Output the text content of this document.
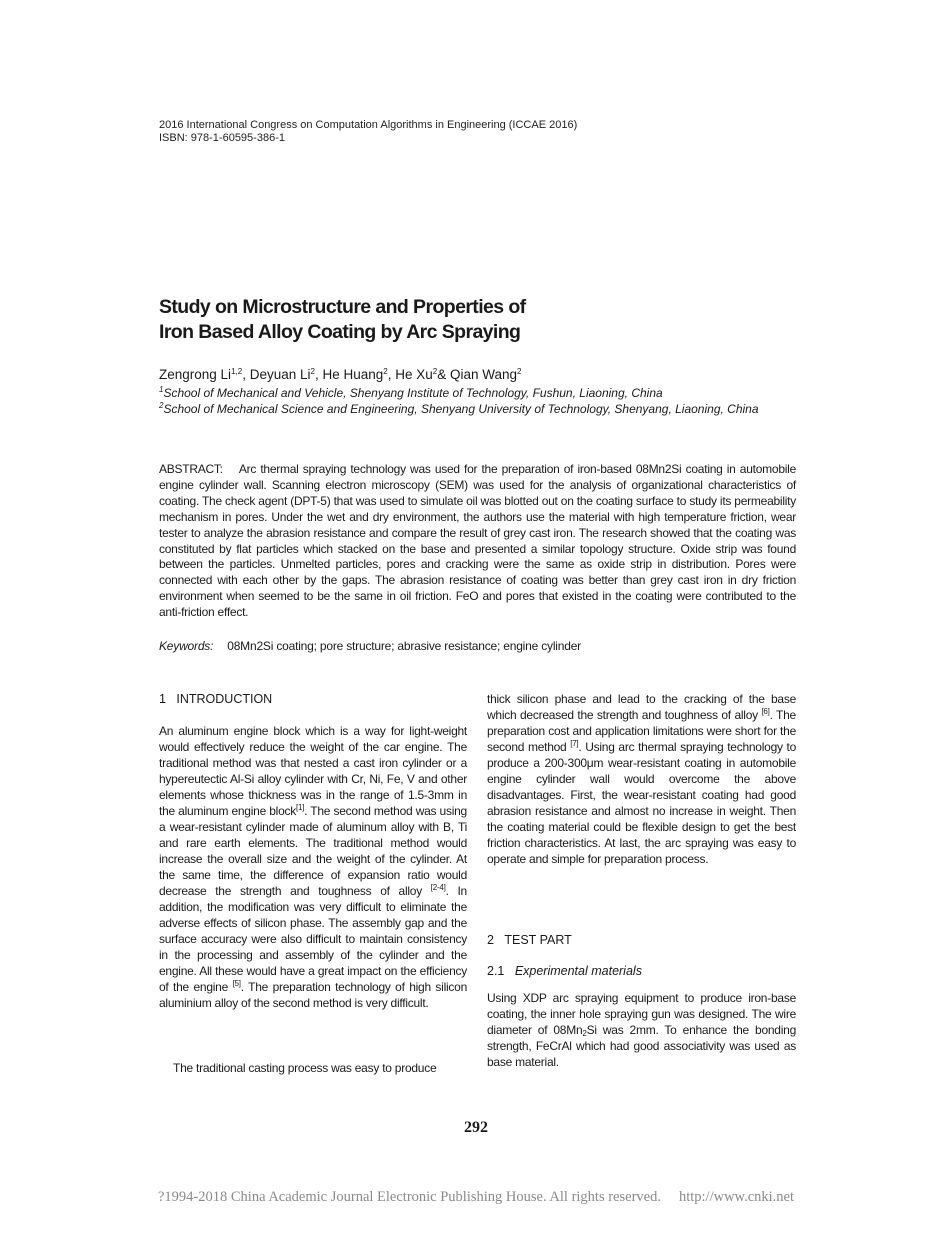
2016 International Congress on Computation Algorithms in Engineering (ICCAE 2016)
ISBN: 978-1-60595-386-1
Study on Microstructure and Properties of
Iron Based Alloy Coating by Arc Spraying
Zengrong Li$^{1,2}$, Deyuan Li$^2$, He Huang$^2$, He Xu$^2$& Qian Wang$^2$
$^1$School of Mechanical and Vehicle, Shenyang Institute of Technology, Fushun, Liaoning, China
$^2$School of Mechanical Science and Engineering, Shenyang University of Technology, Shenyang, Liaoning, China
ABSTRACT: Arc thermal spraying technology was used for the preparation of iron-based 08Mn2Si coating in automobile engine cylinder wall. Scanning electron microscopy (SEM) was used for the analysis of organizational characteristics of coating. The check agent (DPT-5) that was used to simulate oil was blotted out on the coating surface to study its permeability mechanism in pores. Under the wet and dry environment, the authors use the material with high temperature friction, wear tester to analyze the abrasion resistance and compare the result of grey cast iron. The research showed that the coating was constituted by flat particles which stacked on the base and presented a similar topology structure. Oxide strip was found between the particles. Unmelted particles, pores and cracking were the same as oxide strip in distribution. Pores were connected with each other by the gaps. The abrasion resistance of coating was better than grey cast iron in dry friction environment when seemed to be the same in oil friction. FeO and pores that existed in the coating were contributed to the anti-friction effect.
Keywords: 08Mn2Si coating; pore structure; abrasive resistance; engine cylinder
1 INTRODUCTION
An aluminum engine block which is a way for light-weight would effectively reduce the weight of the car engine. The traditional method was that nested a cast iron cylinder or a hypereutectic Al-Si alloy cylinder with Cr, Ni, Fe, V and other elements whose thickness was in the range of 1.5-3mm in the aluminum engine block[1]. The second method was using a wear-resistant cylinder made of aluminum alloy with B, Ti and rare earth elements. The traditional method would increase the overall size and the weight of the cylinder. At the same time, the difference of expansion ratio would decrease the strength and toughness of alloy [2-4]. In addition, the modification was very difficult to eliminate the adverse effects of silicon phase. The assembly gap and the surface accuracy were also difficult to maintain consistency in the processing and assembly of the cylinder and the engine. All these would have a great impact on the efficiency of the engine [5]. The preparation technology of high silicon aluminium alloy of the second method is very difficult.
The traditional casting process was easy to produce
thick silicon phase and lead to the cracking of the base which decreased the strength and toughness of alloy [6]. The preparation cost and application limitations were short for the second method [7]. Using arc thermal spraying technology to produce a 200-300μm wear-resistant coating in automobile engine cylinder wall would overcome the above disadvantages. First, the wear-resistant coating had good abrasion resistance and almost no increase in weight. Then the coating material could be flexible design to get the best friction characteristics. At last, the arc spraying was easy to operate and simple for preparation process.
2 TEST PART
2.1 Experimental materials
Using XDP arc spraying equipment to produce iron-base coating, the inner hole spraying gun was designed. The wire diameter of $08Mn_2Si$ was 2mm. To enhance the bonding strength, FeCrAl which had good associativity was used as base material.
292
?1994-2018 China Academic Journal Electronic Publishing House. All rights reserved. http://www.cnki.net
